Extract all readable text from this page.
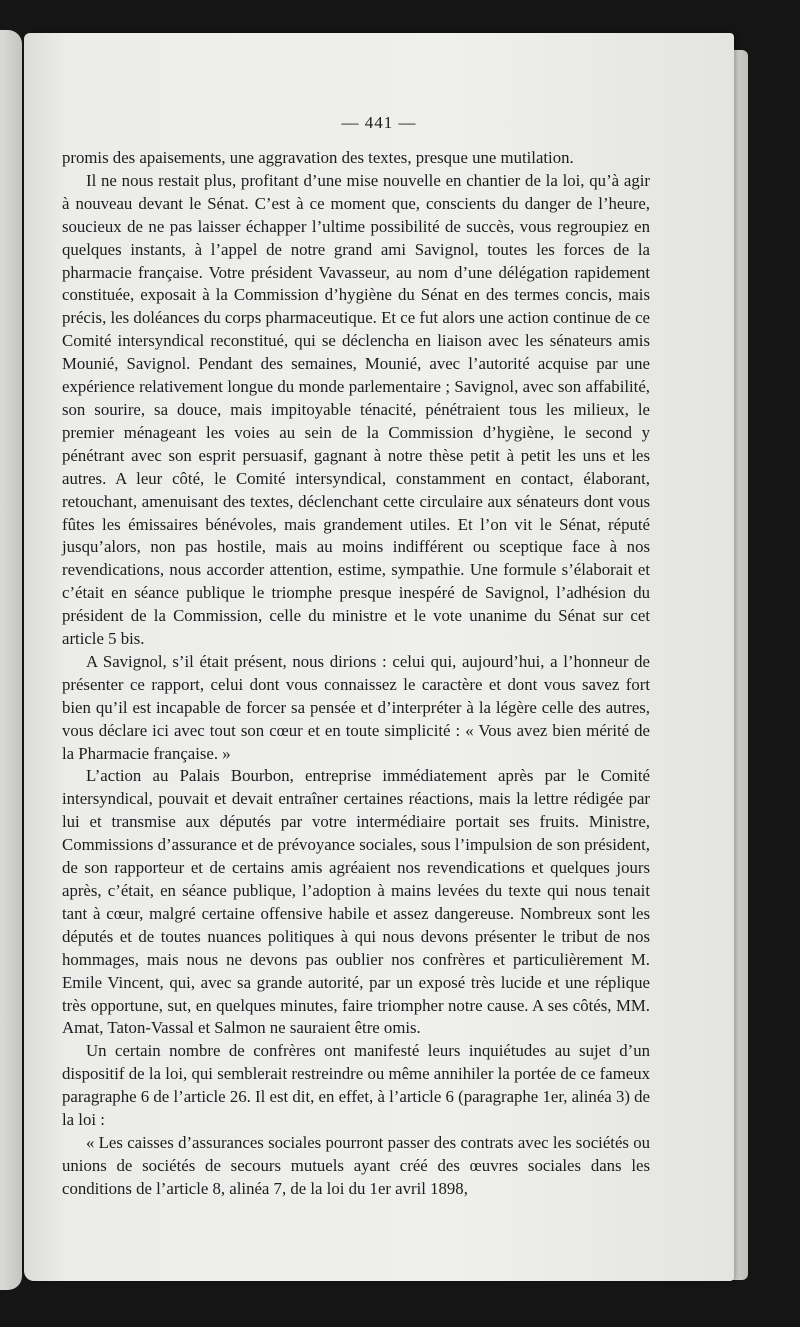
— 441 —

promis des apaisements, une aggravation des textes, presque une mutilation.

Il ne nous restait plus, profitant d’une mise nouvelle en chantier de la loi, qu’à agir à nouveau devant le Sénat. C’est à ce moment que, conscients du danger de l’heure, soucieux de ne pas laisser échapper l’ultime possibilité de succès, vous regroupiez en quelques instants, à l’appel de notre grand ami Savignol, toutes les forces de la pharmacie française. Votre président Vavasseur, au nom d’une délégation rapidement constituée, exposait à la Commission d’hygiène du Sénat en des termes concis, mais précis, les doléances du corps pharmaceutique. Et ce fut alors une action continue de ce Comité intersyndical reconstitué, qui se déclencha en liaison avec les sénateurs amis Mounié, Savignol. Pendant des semaines, Mounié, avec l’autorité acquise par une expérience relativement longue du monde parlementaire ; Savignol, avec son affabilité, son sourire, sa douce, mais impitoyable ténacité, pénétraient tous les milieux, le premier ménageant les voies au sein de la Commission d’hygiène, le second y pénétrant avec son esprit persuasif, gagnant à notre thèse petit à petit les uns et les autres. A leur côté, le Comité intersyndical, constamment en contact, élaborant, retouchant, amenuisant des textes, déclenchant cette circulaire aux sénateurs dont vous fûtes les émissaires bénévoles, mais grandement utiles. Et l’on vit le Sénat, réputé jusqu’alors, non pas hostile, mais au moins indifférent ou sceptique face à nos revendications, nous accorder attention, estime, sympathie. Une formule s’élaborait et c’était en séance publique le triomphe presque inespéré de Savignol, l’adhésion du président de la Commission, celle du ministre et le vote unanime du Sénat sur cet article 5 bis.

A Savignol, s’il était présent, nous dirions : celui qui, aujourd’hui, a l’honneur de présenter ce rapport, celui dont vous connaissez le caractère et dont vous savez fort bien qu’il est incapable de forcer sa pensée et d’interpréter à la légère celle des autres, vous déclare ici avec tout son cœur et en toute simplicité : « Vous avez bien mérité de la Pharmacie française. »

L’action au Palais Bourbon, entreprise immédiatement après par le Comité intersyndical, pouvait et devait entraîner certaines réactions, mais la lettre rédigée par lui et transmise aux députés par votre intermédiaire portait ses fruits. Ministre, Commissions d’assurance et de prévoyance sociales, sous l’impulsion de son président, de son rapporteur et de certains amis agréaient nos revendications et quelques jours après, c’était, en séance publique, l’adoption à mains levées du texte qui nous tenait tant à cœur, malgré certaine offensive habile et assez dangereuse. Nombreux sont les députés et de toutes nuances politiques à qui nous devons présenter le tribut de nos hommages, mais nous ne devons pas oublier nos confrères et particulièrement M. Emile Vincent, qui, avec sa grande autorité, par un exposé très lucide et une réplique très opportune, sut, en quelques minutes, faire triompher notre cause. A ses côtés, MM. Amat, Taton-Vassal et Salmon ne sauraient être omis.

Un certain nombre de confrères ont manifesté leurs inquiétudes au sujet d’un dispositif de la loi, qui semblerait restreindre ou même annihiler la portée de ce fameux paragraphe 6 de l’article 26. Il est dit, en effet, à l’article 6 (paragraphe 1er, alinéa 3) de la loi :

« Les caisses d’assurances sociales pourront passer des contrats avec les sociétés ou unions de sociétés de secours mutuels ayant créé des œuvres sociales dans les conditions de l’article 8, alinéa 7, de la loi du 1er avril 1898,
